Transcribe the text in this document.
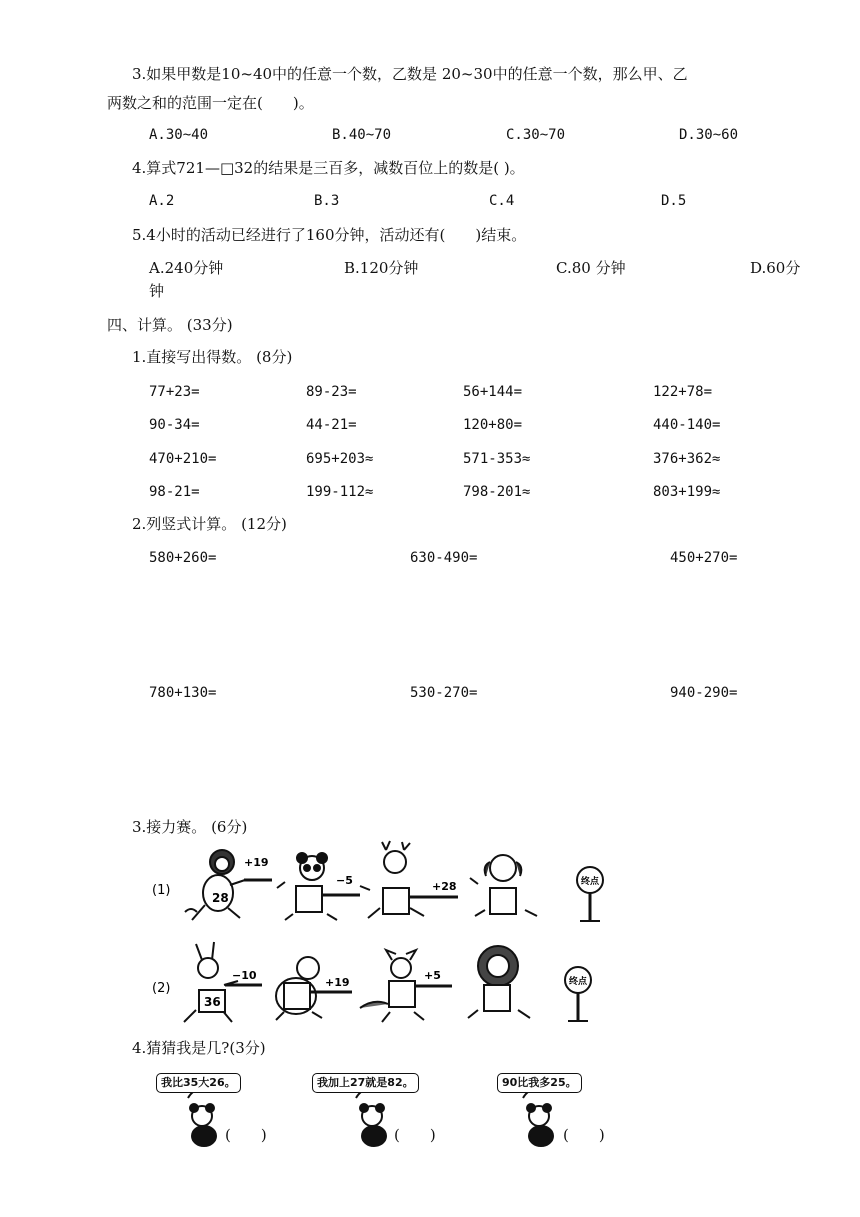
3.如果甲数是10~40中的任意一个数，乙数是 20~30中的任意一个数，那么甲、乙
两数之和的范围一定在(　　)。
A.30~40	B.40~70	C.30~70	D.30~60
4.算式721—□32的结果是三百多，减数百位上的数是( )。
A.2	B.3	C.4	D.5
5.4小时的活动已经进行了160分钟，活动还有(　　)结束。
A.240分钟	B.120分钟	C.80 分钟	D.60分
钟
四、计算。 (33分)
1.直接写出得数。 (8分)
77+23=	89-23=	56+144=	122+78=
90-34=	44-21=	120+80=	440-140=
470+210=	695+203≈	571-353≈	376+362≈
98-21=	199-112≈	798-201≈	803+199≈
2.列竖式计算。 (12分)
580+260=	630-490=	450+270=
780+130=	530-270=	940-290=
3.接力赛。 (6分)
(1)	28
+19
−5	+28	终点
(2)
36
−10
+19
+5	终点
4.猜猜我是几?(3分)
我比35大26。	我加上27就是82。	90比我多25。
(　　)	(　　)	(　　)
